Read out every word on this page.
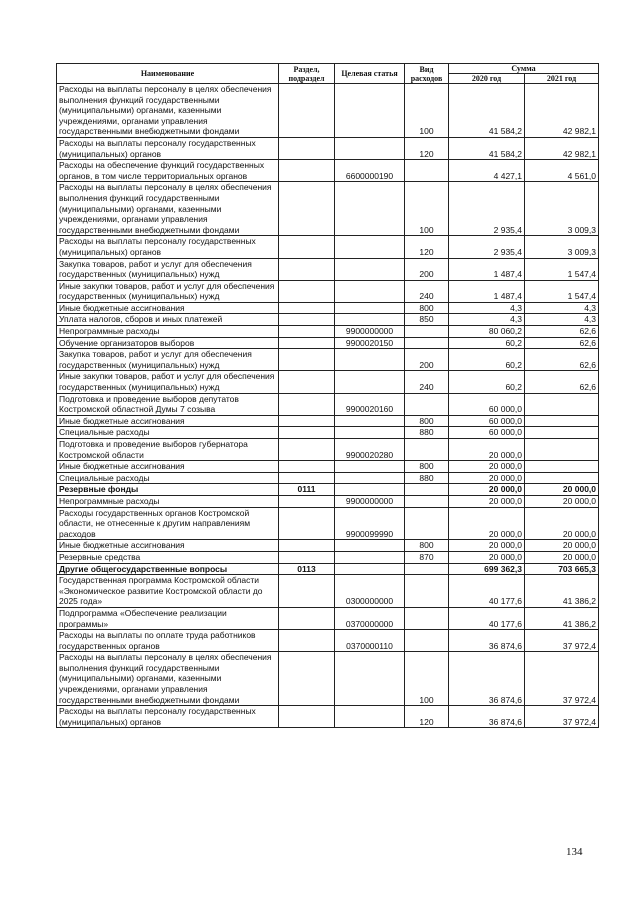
Наименование	Раздел, подраздел	Целевая статья	Вид расходов	Сумма	
				2020 год	2021 год
Расходы на выплаты персоналу в целях обеспечения выполнения функций государственными (муниципальными) органами, казенными учреждениями, органами управления государственными внебюджетными фондами			100	41 584,2	42 982,1
Расходы на выплаты персоналу государственных (муниципальных) органов			120	41 584,2	42 982,1
Расходы на обеспечение функций государственных органов, в том числе территориальных органов		6600000190		4 427,1	4 561,0
Расходы на выплаты персоналу в целях обеспечения выполнения функций государственными (муниципальными) органами, казенными учреждениями, органами управления государственными внебюджетными фондами			100	2 935,4	3 009,3
Расходы на выплаты персоналу государственных (муниципальных) органов			120	2 935,4	3 009,3
Закупка товаров, работ и услуг для обеспечения государственных (муниципальных) нужд			200	1 487,4	1 547,4
Иные закупки товаров, работ и услуг для обеспечения государственных (муниципальных) нужд			240	1 487,4	1 547,4
Иные бюджетные ассигнования			800	4,3	4,3
Уплата налогов, сборов и иных платежей			850	4,3	4,3
Непрограммные расходы		9900000000		80 060,2	62,6
Обучение организаторов выборов		9900020150		60,2	62,6
Закупка товаров, работ и услуг для обеспечения государственных (муниципальных) нужд			200	60,2	62,6
Иные закупки товаров, работ и услуг для обеспечения государственных (муниципальных) нужд			240	60,2	62,6
Подготовка и проведение выборов депутатов Костромской областной Думы 7 созыва		9900020160		60 000,0	
Иные бюджетные ассигнования			800	60 000,0	
Специальные расходы			880	60 000,0	
Подготовка и проведение выборов губернатора Костромской области		9900020280		20 000,0	
Иные бюджетные ассигнования			800	20 000,0	
Специальные расходы			880	20 000,0	
Резервные фонды	0111			20 000,0	20 000,0
Непрограммные расходы		9900000000		20 000,0	20 000,0
Расходы государственных органов Костромской области, не отнесенные к другим направлениям расходов		9900099990		20 000,0	20 000,0
Иные бюджетные ассигнования			800	20 000,0	20 000,0
Резервные средства			870	20 000,0	20 000,0
Другие общегосударственные вопросы	0113			699 362,3	703 665,3
Государственная программа Костромской области «Экономическое развитие Костромской области до 2025 года»		0300000000		40 177,6	41 386,2
Подпрограмма «Обеспечение реализации программы»		0370000000		40 177,6	41 386,2
Расходы на выплаты по оплате труда работников государственных органов		0370000110		36 874,6	37 972,4
Расходы на выплаты персоналу в целях обеспечения выполнения функций государственными (муниципальными) органами, казенными учреждениями, органами управления государственными внебюджетными фондами			100	36 874,6	37 972,4
Расходы на выплаты персоналу государственных (муниципальных) органов			120	36 874,6	37 972,4
134
